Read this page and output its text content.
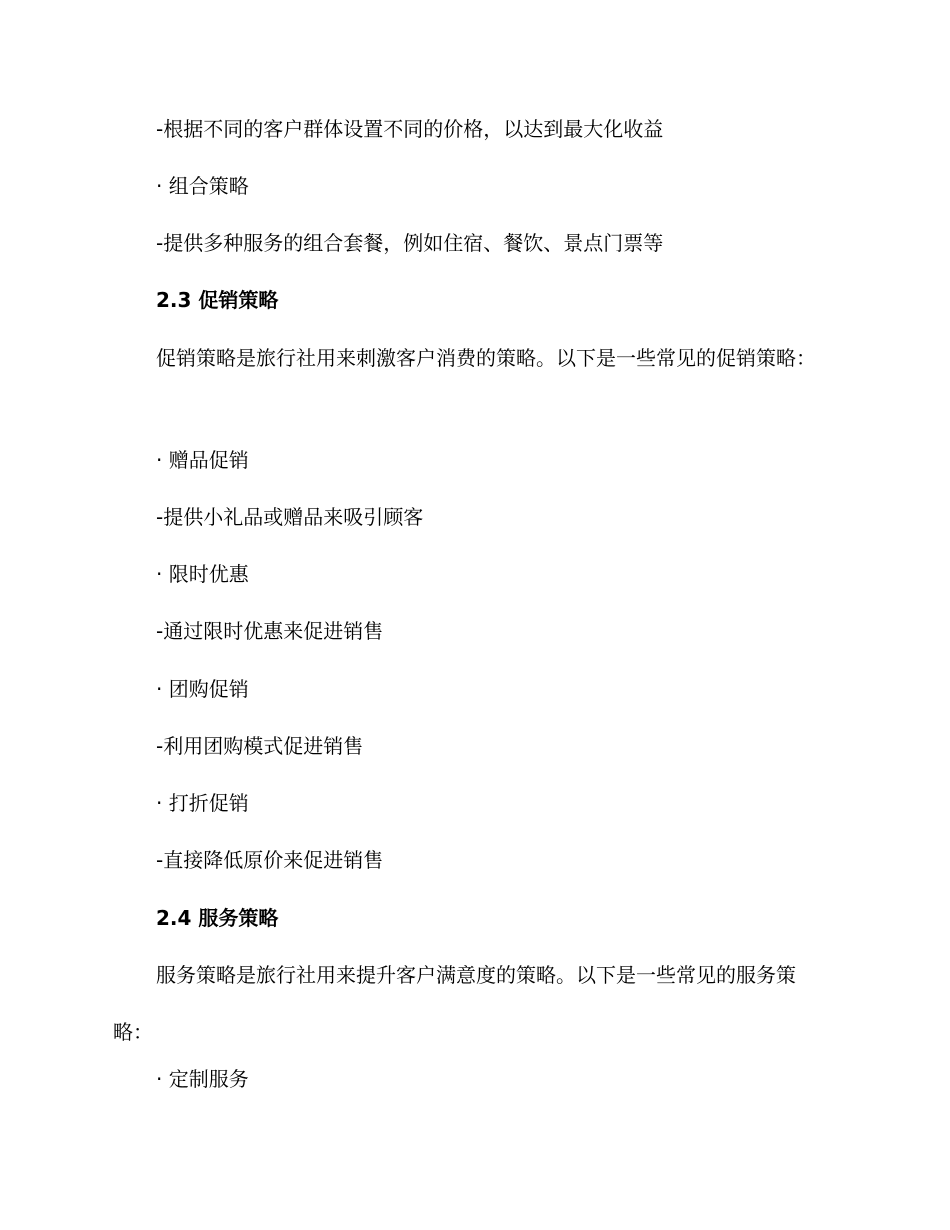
-根据不同的客户群体设置不同的价格，以达到最大化收益
· 组合策略
-提供多种服务的组合套餐，例如住宿、餐饮、景点门票等
2.3 促销策略
促销策略是旅行社用来刺激客户消费的策略。以下是一些常见的促销策略：
· 赠品促销
-提供小礼品或赠品来吸引顾客
· 限时优惠
-通过限时优惠来促进销售
· 团购促销
-利用团购模式促进销售
· 打折促销
-直接降低原价来促进销售
2.4 服务策略
服务策略是旅行社用来提升客户满意度的策略。以下是一些常见的服务策略：
· 定制服务
